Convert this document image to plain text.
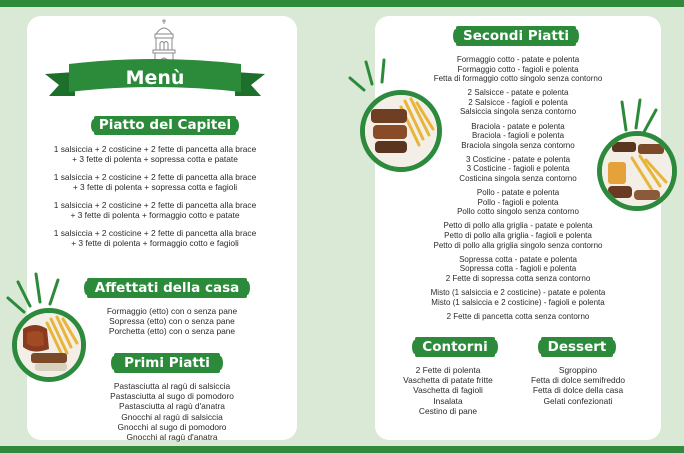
Menù
Piatto del Capitel
1 salsiccia + 2 costicine + 2 fette di pancetta alla brace
+ 3 fette di polenta + sopressa cotta e patate
1 salsiccia + 2 costicine + 2 fette di pancetta alla brace
+ 3 fette di polenta + sopressa cotta e fagioli
1 salsiccia + 2 costicine + 2 fette di pancetta alla brace
+ 3 fette di polenta + formaggio cotto e patate
1 salsiccia + 2 costicine + 2 fette di pancetta alla brace
+ 3 fette di polenta + formaggio cotto e fagioli
Affettati della casa
Formaggio (etto) con o senza pane
Sopressa (etto) con o senza pane
Porchetta (etto) con o senza pane
Primi Piatti
Pastasciutta al ragù di salsiccia
Pastasciutta al sugo di pomodoro
Pastasciutta al ragù d'anatra
Gnocchi al ragù di salsiccia
Gnocchi al sugo di pomodoro
Gnocchi al ragù d'anatra
Secondi Piatti
Formaggio cotto - patate e polenta
Formaggio cotto - fagioli e polenta
Fetta di formaggio cotto singolo senza contorno
2 Salsicce - patate e polenta
2 Salsicce - fagioli e polenta
Salsiccia singola senza contorno
Braciola - patate e polenta
Braciola - fagioli e polenta
Braciola singola senza contorno
3 Costicine - patate e polenta
3 Costicine - fagioli e polenta
Costicina singola senza contorno
Pollo - patate e polenta
Pollo - fagioli e polenta
Pollo cotto singolo senza contorno
Petto di pollo alla griglia - patate e polenta
Petto di pollo alla griglia - fagioli e polenta
Petto di pollo alla griglia singolo senza contorno
Sopressa cotta - patate e polenta
Sopressa cotta - fagioli e polenta
2 Fette di sopressa cotta senza contorno
Misto (1 salsiccia e 2 costicine) - patate e polenta
Misto (1 salsiccia e 2 costicine) - fagioli e polenta
2 Fette di pancetta cotta senza contorno
Contorni	Dessert
2 Fette di polenta
Vaschetta di patate fritte
Vaschetta di fagioli
Insalata
Cestino di pane
Sgroppino
Fetta di dolce semifreddo
Fetta di dolce della casa
Gelati confezionati
